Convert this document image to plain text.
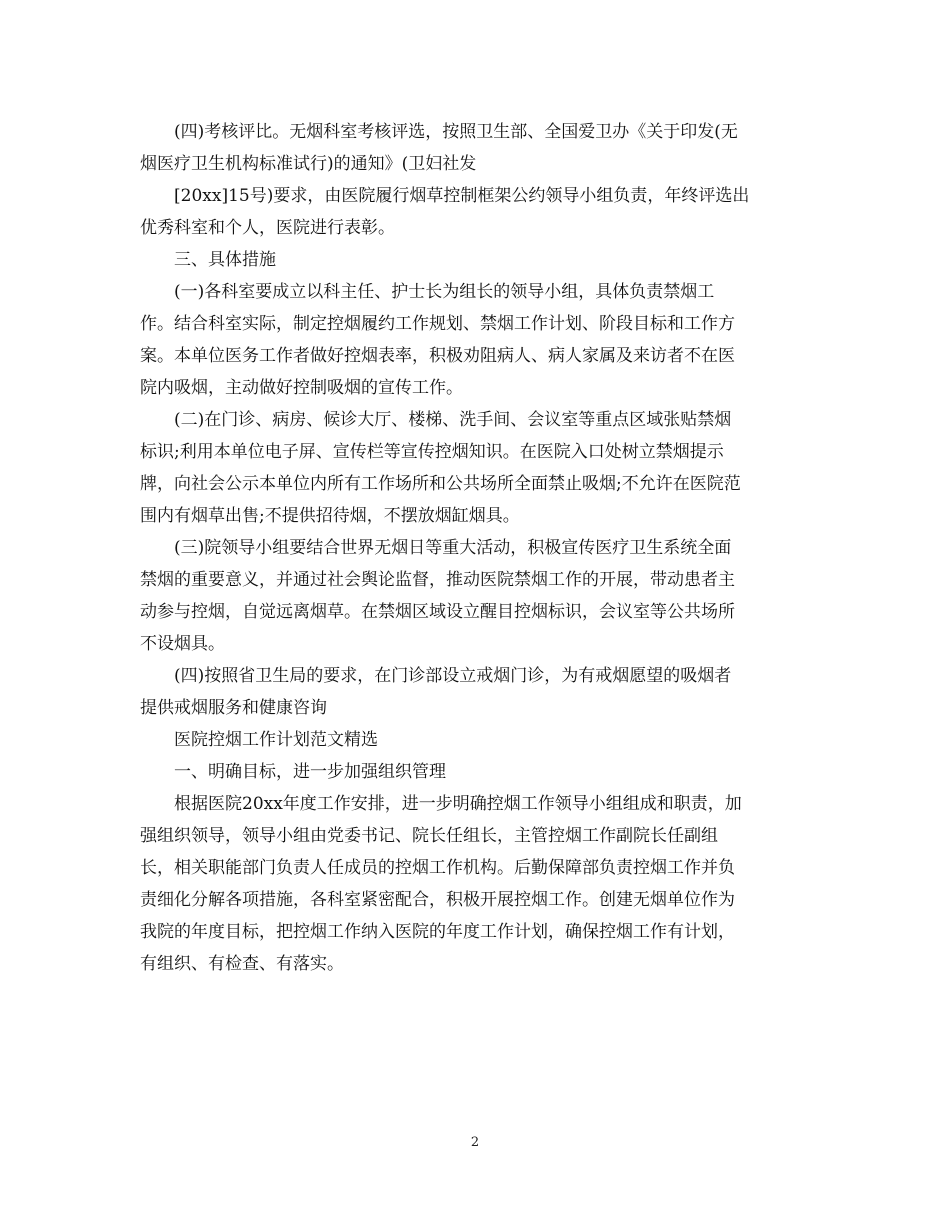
(四)考核评比。无烟科室考核评选，按照卫生部、全国爱卫办《关于印发(无
烟医疗卫生机构标准试行)的通知》(卫妇社发

[20xx]15号)要求，由医院履行烟草控制框架公约领导小组负责，年终评选出
优秀科室和个人，医院进行表彰。

三、具体措施

(一)各科室要成立以科主任、护士长为组长的领导小组，具体负责禁烟工
作。结合科室实际，制定控烟履约工作规划、禁烟工作计划、阶段目标和工作方
案。本单位医务工作者做好控烟表率，积极劝阻病人、病人家属及来访者不在医
院内吸烟，主动做好控制吸烟的宣传工作。

(二)在门诊、病房、候诊大厅、楼梯、洗手间、会议室等重点区域张贴禁烟
标识;利用本单位电子屏、宣传栏等宣传控烟知识。在医院入口处树立禁烟提示
牌，向社会公示本单位内所有工作场所和公共场所全面禁止吸烟;不允许在医院范
围内有烟草出售;不提供招待烟，不摆放烟缸烟具。

(三)院领导小组要结合世界无烟日等重大活动，积极宣传医疗卫生系统全面
禁烟的重要意义，并通过社会舆论监督，推动医院禁烟工作的开展，带动患者主
动参与控烟，自觉远离烟草。在禁烟区域设立醒目控烟标识，会议室等公共场所
不设烟具。

(四)按照省卫生局的要求，在门诊部设立戒烟门诊，为有戒烟愿望的吸烟者
提供戒烟服务和健康咨询

医院控烟工作计划范文精选

一、明确目标，进一步加强组织管理

根据医院20xx年度工作安排，进一步明确控烟工作领导小组组成和职责，加
强组织领导，领导小组由党委书记、院长任组长，主管控烟工作副院长任副组
长，相关职能部门负责人任成员的控烟工作机构。后勤保障部负责控烟工作并负
责细化分解各项措施，各科室紧密配合，积极开展控烟工作。创建无烟单位作为
我院的年度目标，把控烟工作纳入医院的年度工作计划，确保控烟工作有计划，
有组织、有检查、有落实。

2
